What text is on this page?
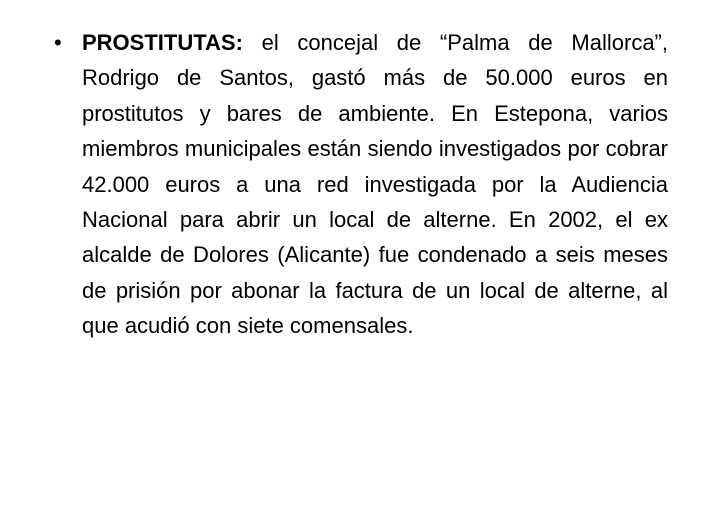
• PROSTITUTAS: el concejal de “Palma de Mallorca”, Rodrigo de Santos, gastó más de 50.000 euros en prostitutos y bares de ambiente. En Estepona, varios miembros municipales están siendo investigados por cobrar 42.000 euros a una red investigada por la Audiencia Nacional para abrir un local de alterne. En 2002, el ex alcalde de Dolores (Alicante) fue condenado a seis meses de prisión por abonar la factura de un local de alterne, al que acudió con siete comensales.
